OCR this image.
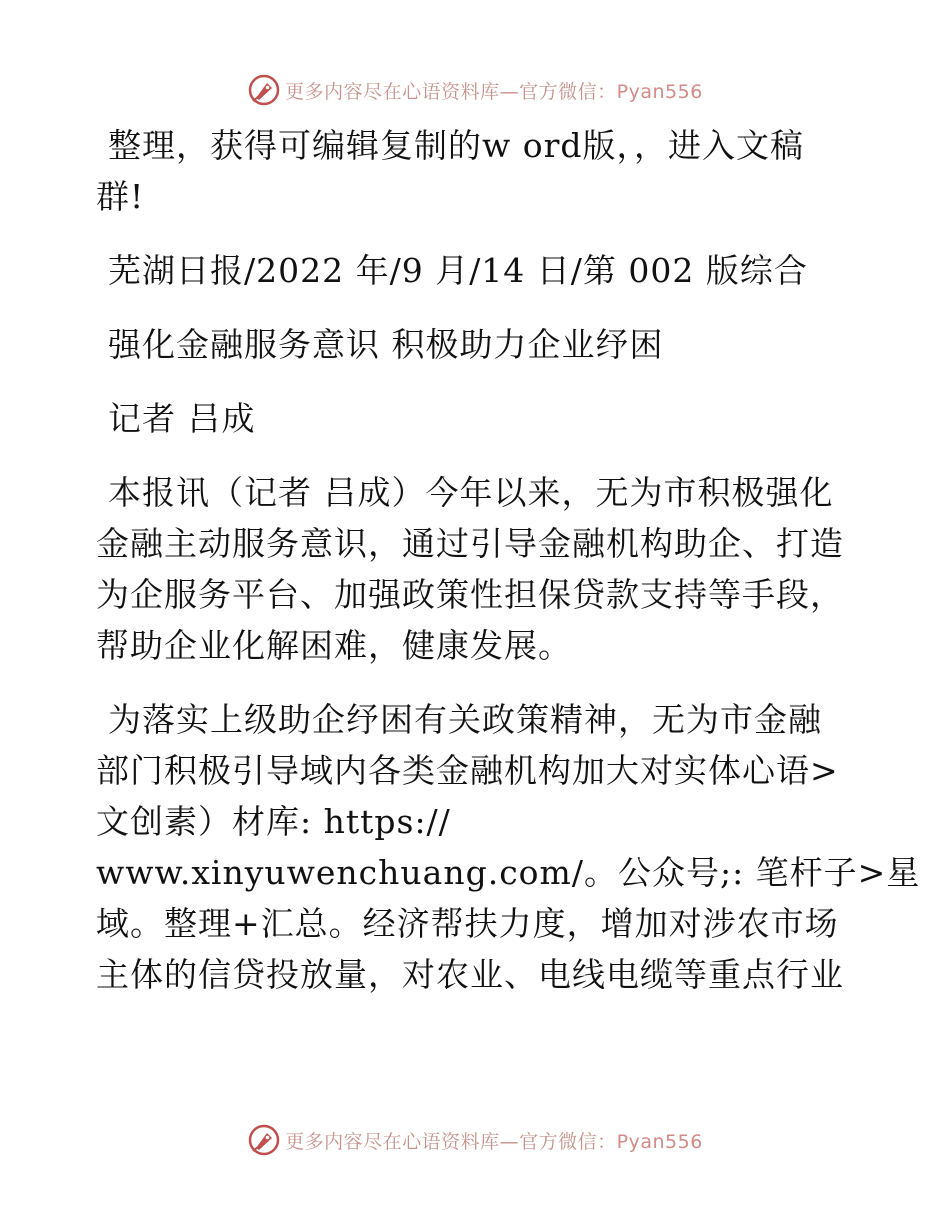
更多内容尽在心语资料库—官方微信：Pyan556
整理，获得可编辑复制的w ord版，，进入文稿
群!
芜湖日报/2022 年/9 月/14 日/第 002 版综合
强化金融服务意识 积极助力企业纾困
记者 吕成
本报讯（记者 吕成）今年以来，无为市积极强化
金融主动服务意识，通过引导金融机构助企、打造
为企服务平台、加强政策性担保贷款支持等手段，
帮助企业化解困难，健康发展。
为落实上级助企纾困有关政策精神，无为市金融
部门积极引导域内各类金融机构加大对实体心语>
文创素）材库: https://
www.xinyuwenchuang.com/。公众号;: 笔杆子>星
域。整理+汇总。经济帮扶力度，增加对涉农市场
主体的信贷投放量，对农业、电线电缆等重点行业
更多内容尽在心语资料库—官方微信：Pyan556
